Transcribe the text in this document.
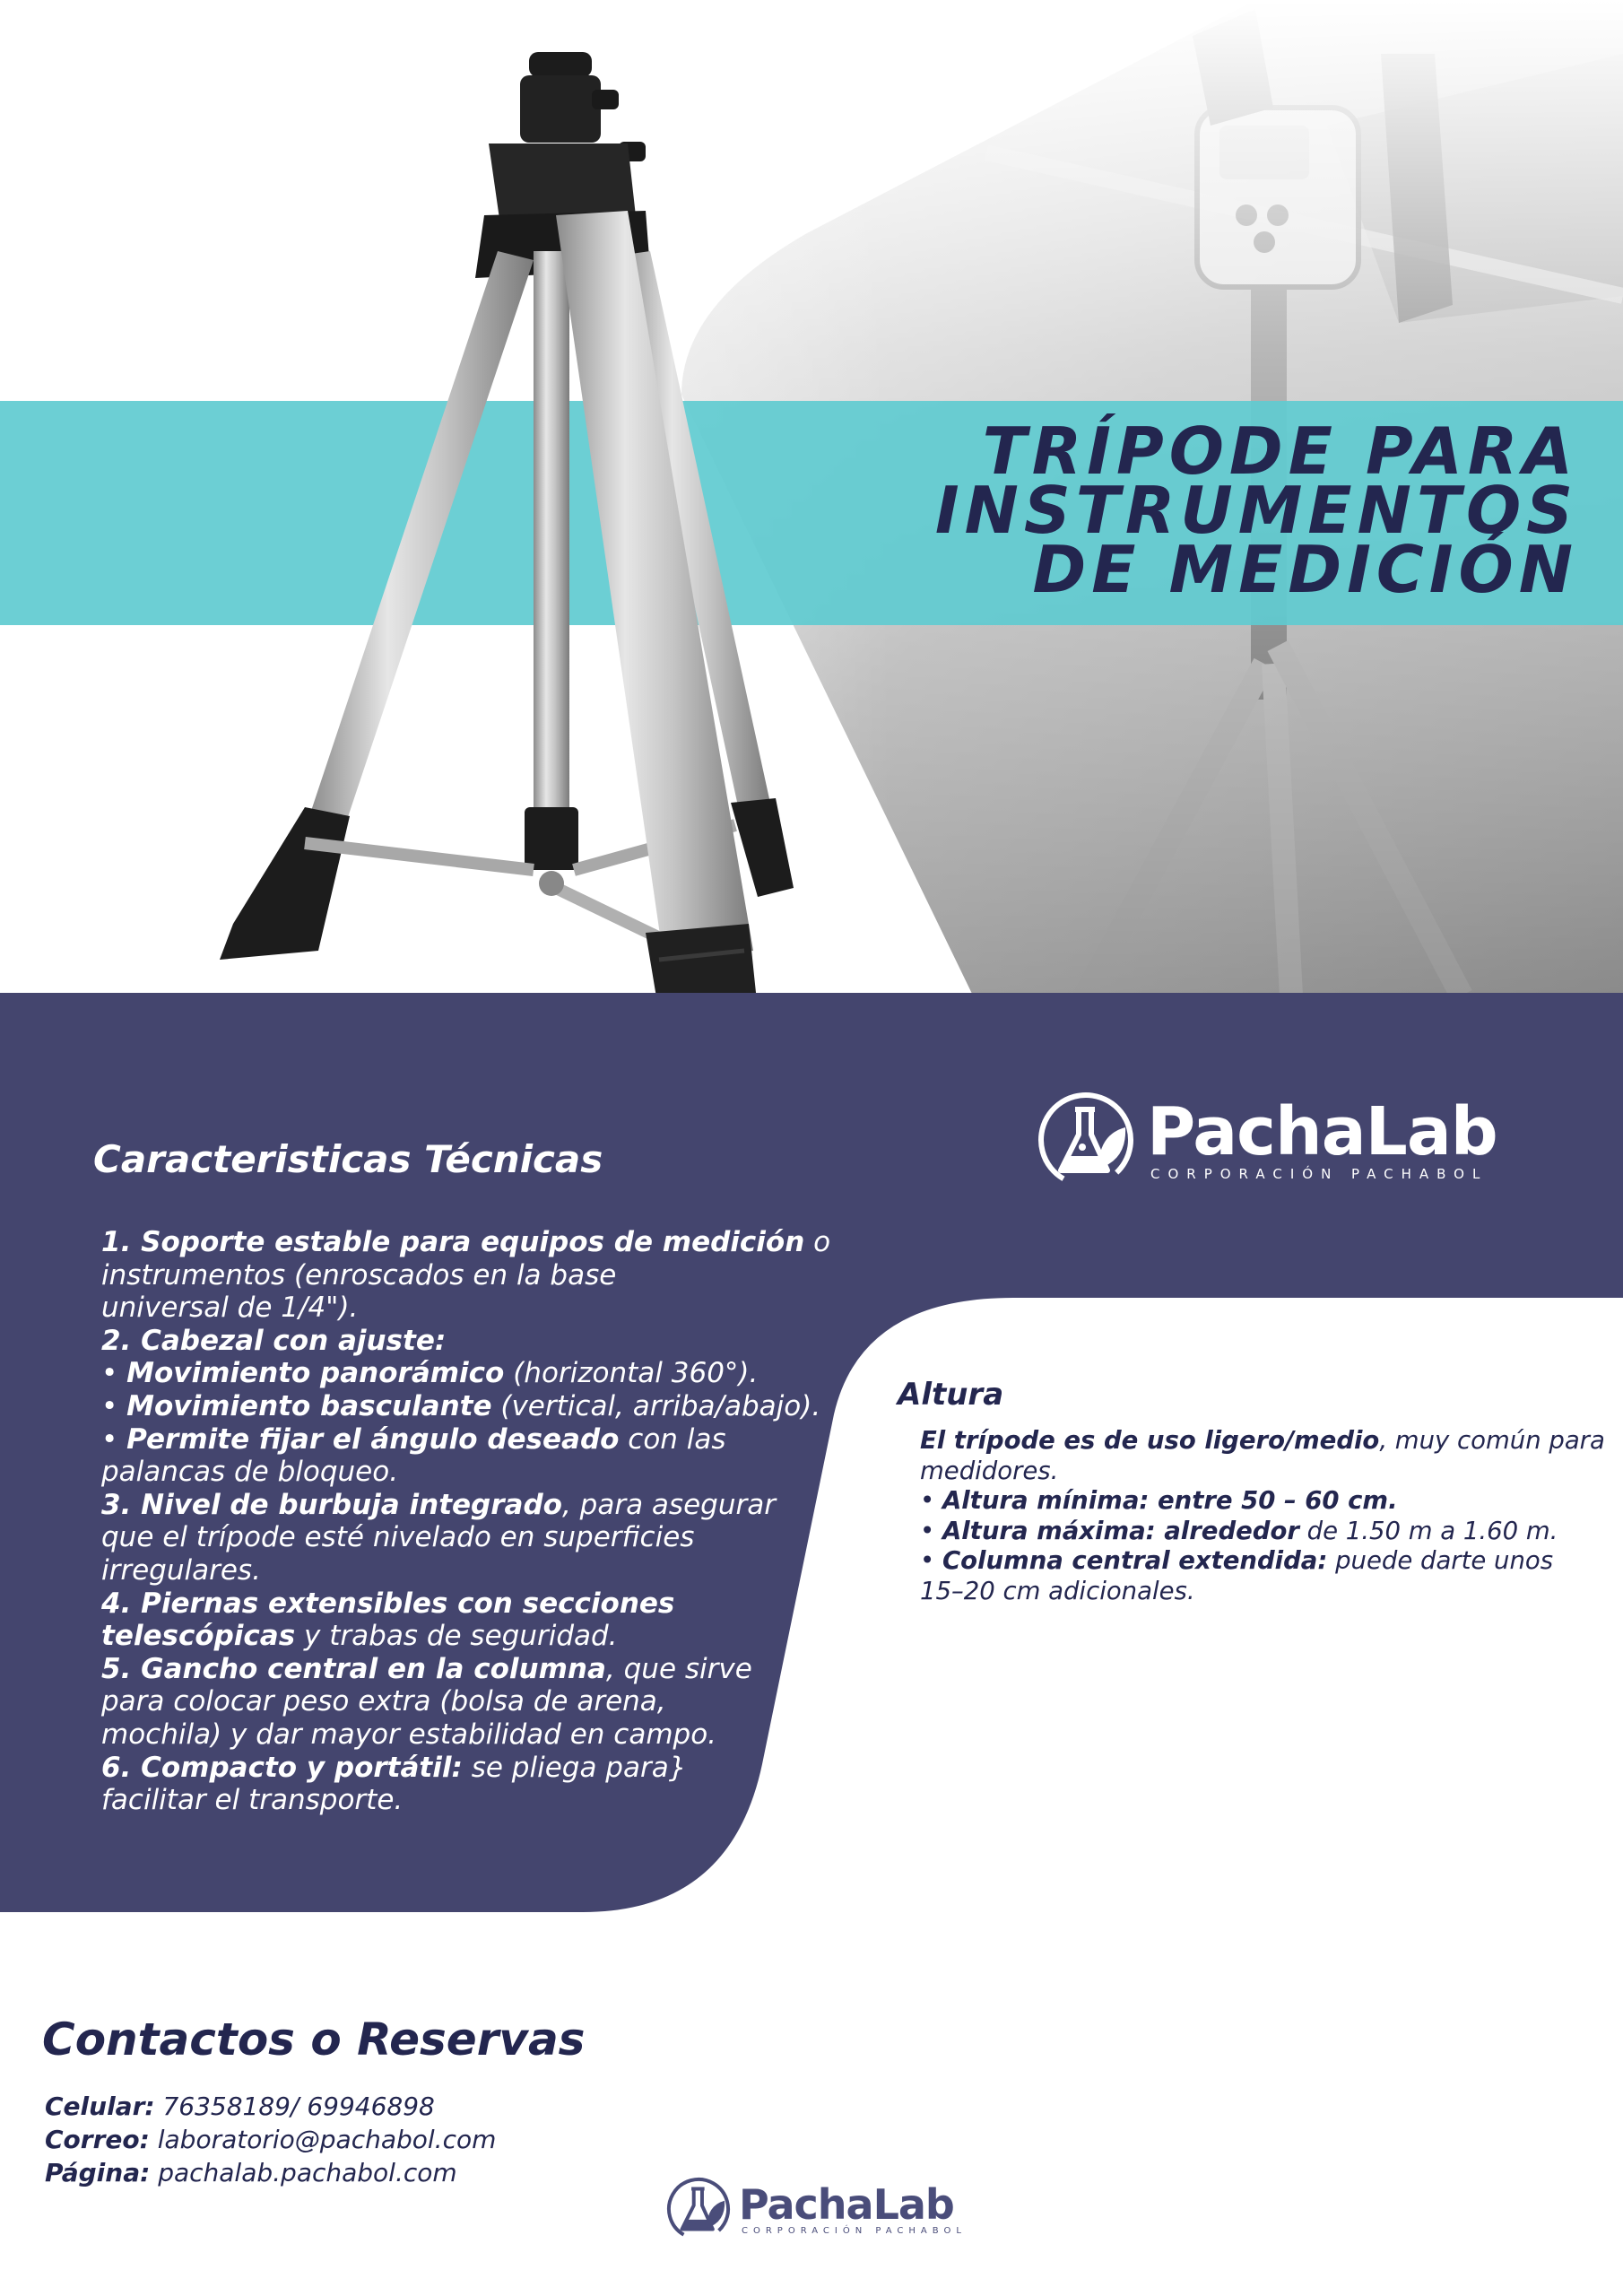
TRÍPODE PARA
INSTRUMENTOS
DE MEDICIÓN
PachaLab
CORPORACIÓN PACHABOL
Caracteristicas Técnicas
1. Soporte estable para equipos de medición o
instrumentos (enroscados en la base
universal de 1/4").
2. Cabezal con ajuste:
• Movimiento panorámico (horizontal 360°).
• Movimiento basculante (vertical, arriba/abajo).
• Permite fijar el ángulo deseado con las
palancas de bloqueo.
3. Nivel de burbuja integrado, para asegurar
que el trípode esté nivelado en superficies
irregulares.
4. Piernas extensibles con secciones
telescópicas y trabas de seguridad.
5. Gancho central en la columna, que sirve
para colocar peso extra (bolsa de arena,
mochila) y dar mayor estabilidad en campo.
6. Compacto y portátil: se pliega para}
facilitar el transporte.
Altura
El trípode es de uso ligero/medio, muy común para
medidores.
• Altura mínima: entre 50 – 60 cm.
• Altura máxima: alrededor de 1.50 m a 1.60 m.
• Columna central extendida: puede darte unos
15–20 cm adicionales.
Contactos o Reservas
Celular: 76358189/ 69946898
Correo: laboratorio@pachabol.com
Página: pachalab.pachabol.com
PachaLab
CORPORACIÓN PACHABOL
